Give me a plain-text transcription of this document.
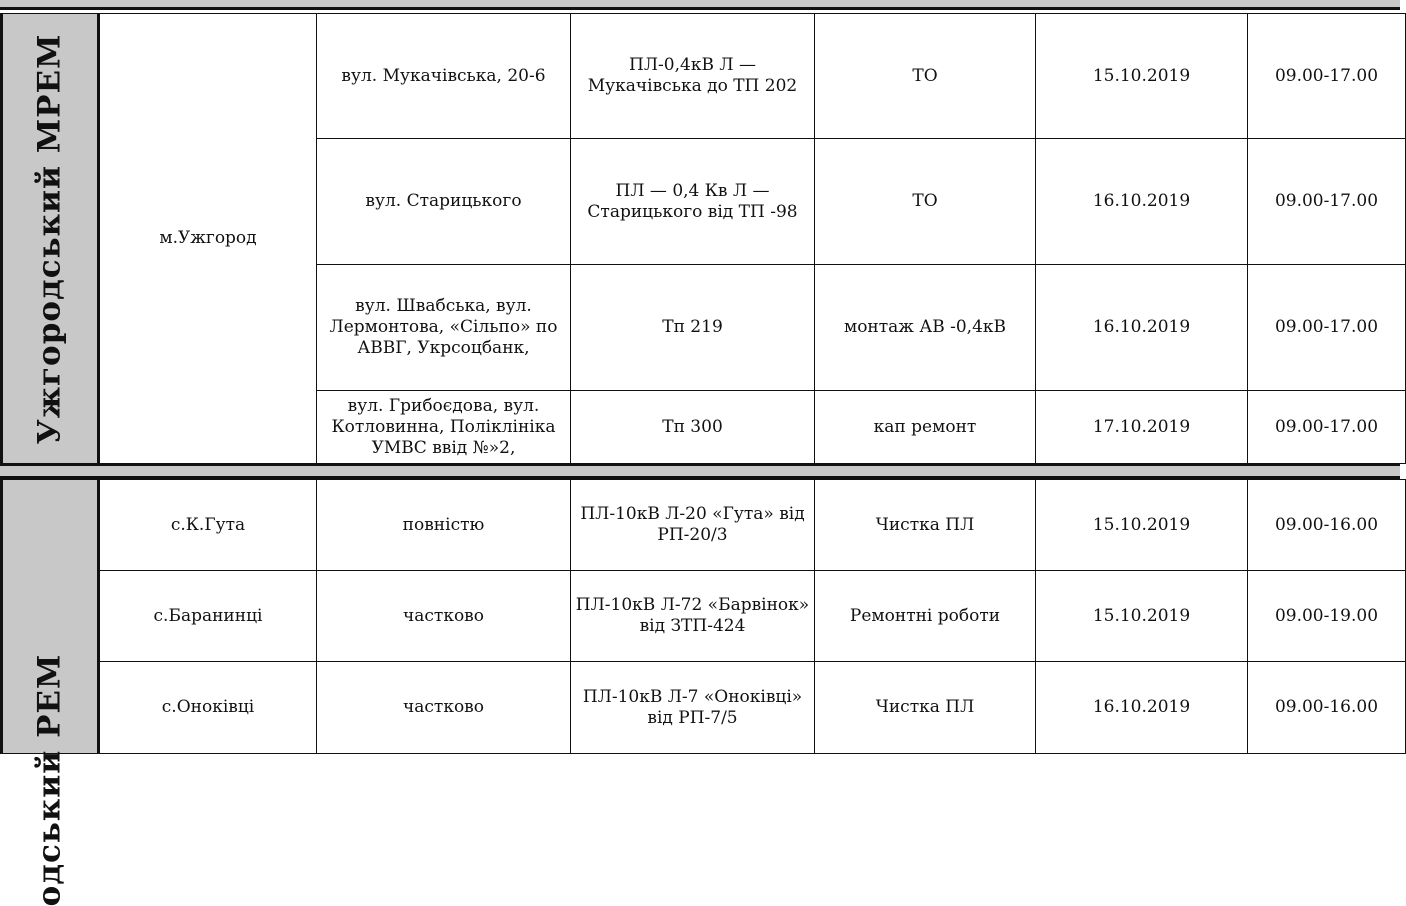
Ужгородський МРЕМ	м.Ужгород	вул. Мукачівська, 20-6	ПЛ-0,4кВ Л — Мукачівська до ТП 202	ТО	15.10.2019	09.00-17.00
		вул. Старицького	ПЛ — 0,4 Кв Л — Старицького від ТП -98	ТО	16.10.2019	09.00-17.00
		вул. Швабська, вул. Лермонтова, «Сільпо» по АВВГ, Укрсоцбанк,	Тп 219	монтаж АВ -0,4кВ	16.10.2019	09.00-17.00
		вул. Грибоєдова, вул. Котловинна, Поліклініка УМВС ввід №»2,	Тп 300	кап ремонт	17.10.2019	09.00-17.00
одський РЕМ	с.К.Гута	повністю	ПЛ-10кВ Л-20 «Гута» від РП-20/3	Чистка ПЛ	15.10.2019	09.00-16.00
	с.Баранинці	частково	ПЛ-10кВ Л-72 «Барвінок» від ЗТП-424	Ремонтні роботи	15.10.2019	09.00-19.00
	с.Оноківці	частково	ПЛ-10кВ Л-7 «Оноківці» від РП-7/5	Чистка ПЛ	16.10.2019	09.00-16.00
